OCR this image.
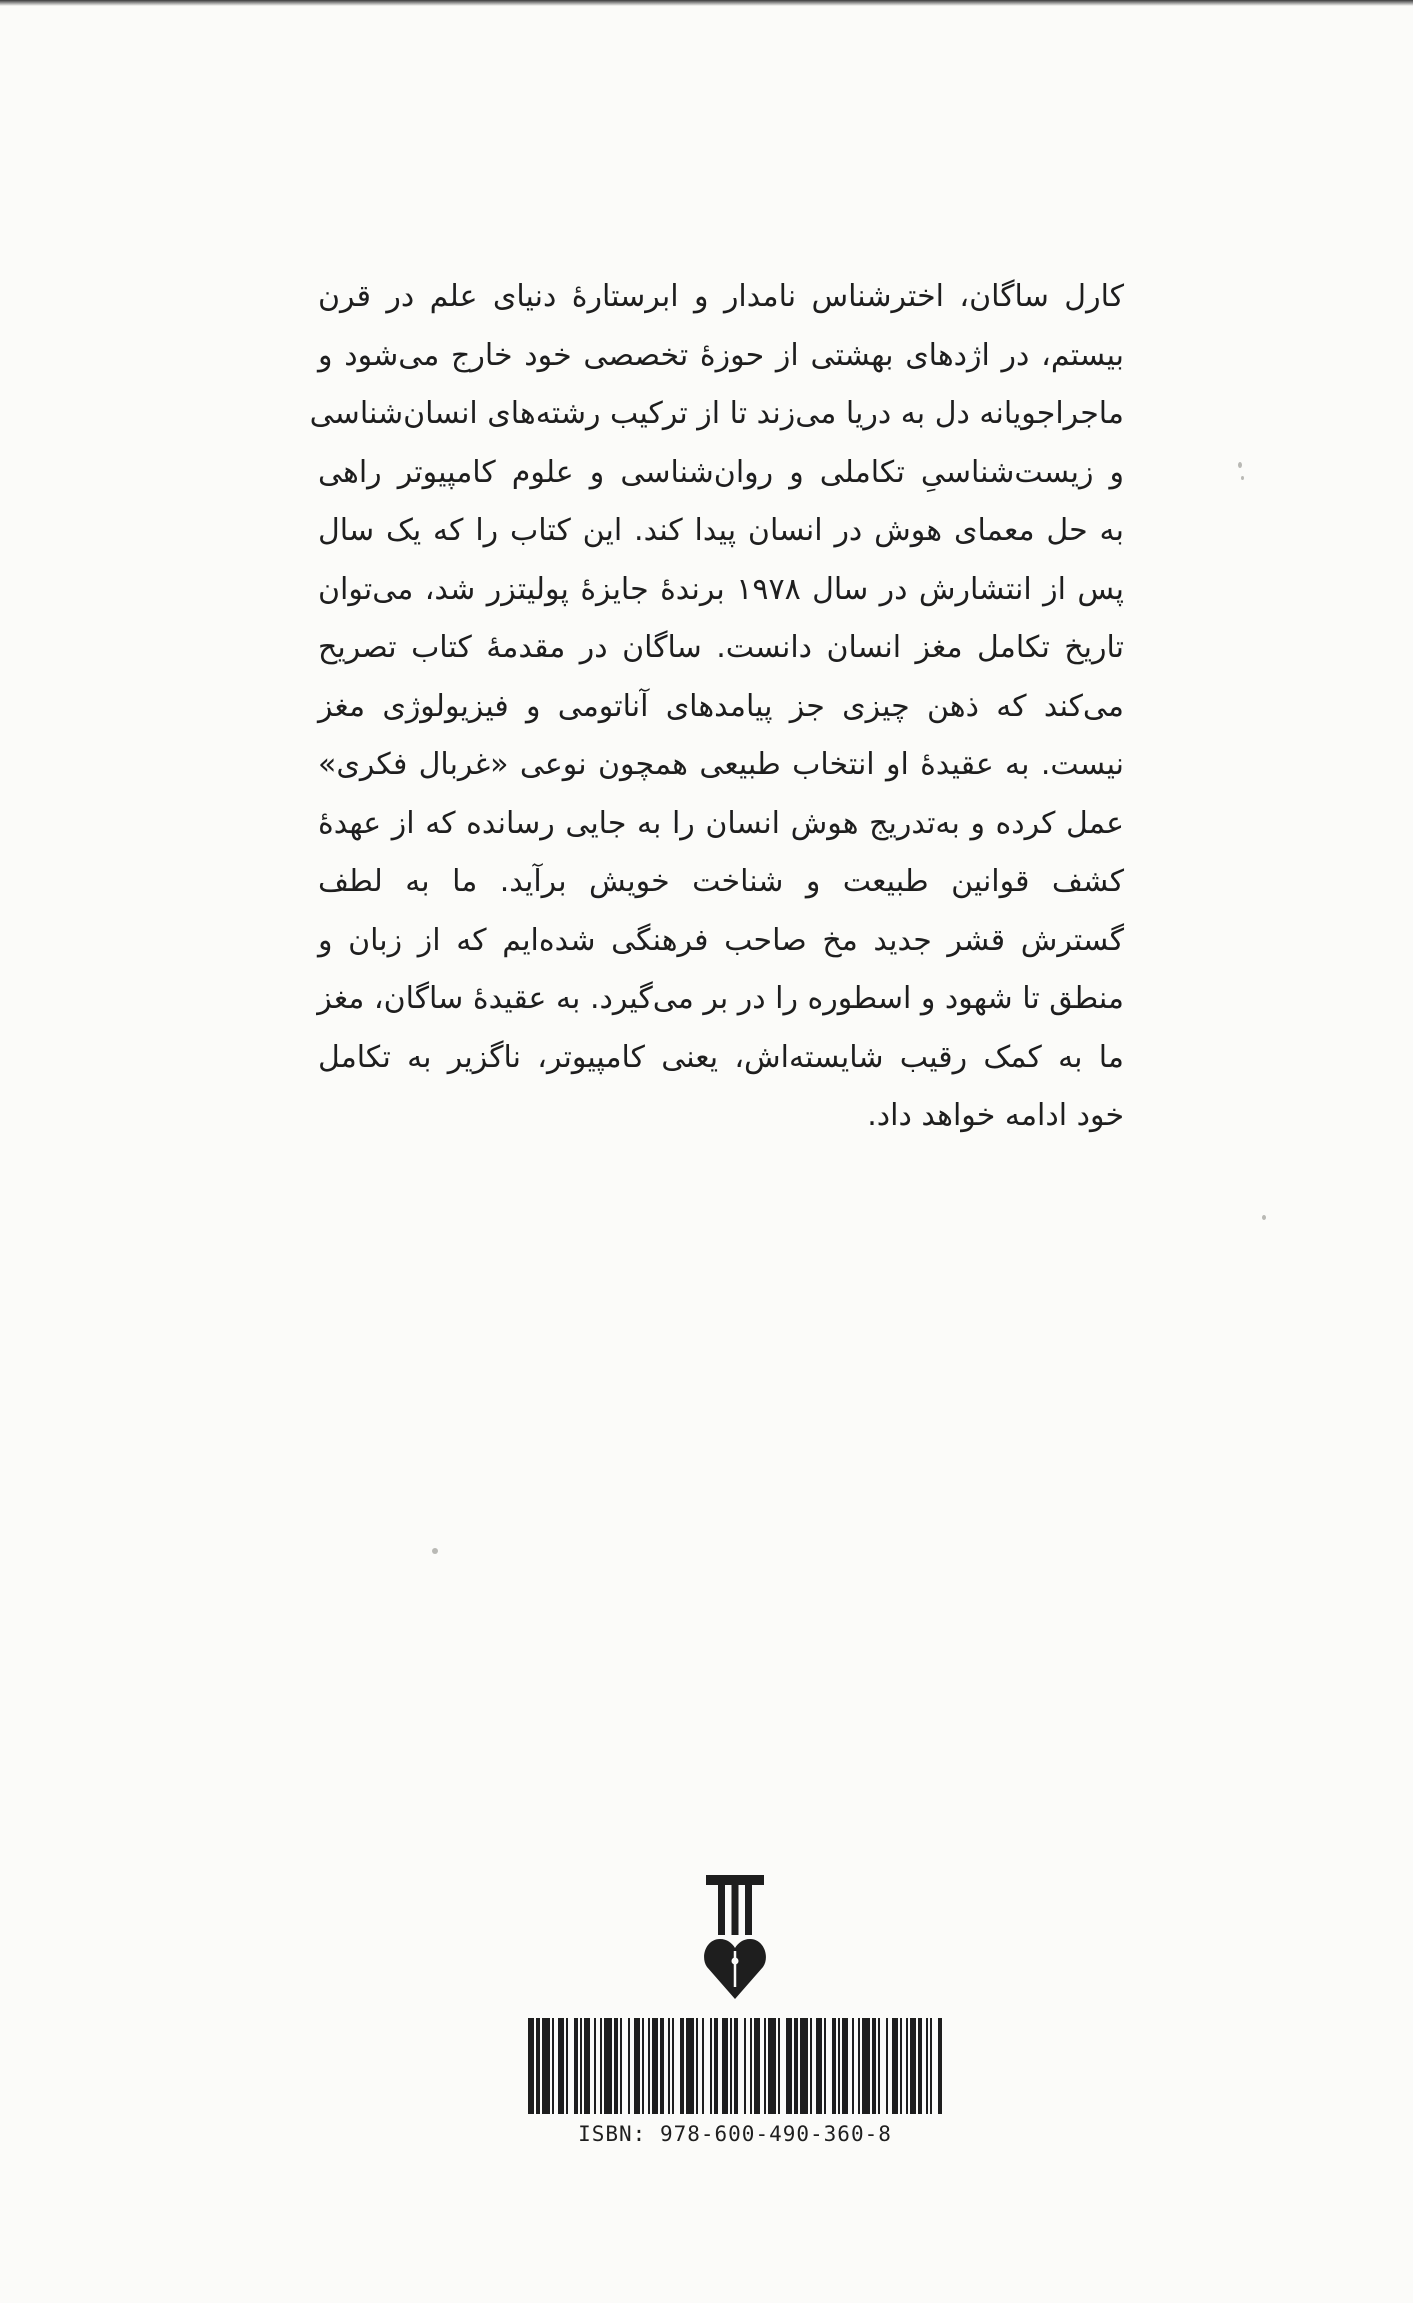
کارل ساگان، اخترشناس نامدار و ابرستارهٔ دنیای علم در قرن
بیستم، در اژدهای بهشتی از حوزهٔ تخصصی خود خارج می‌شود و
ماجراجویانه دل به دریا می‌زند تا از ترکیب رشته‌های انسان‌شناسی
و زیست‌شناسیِ تکاملی و روان‌شناسی و علوم کامپیوتر راهی
به حل معمای هوش در انسان پیدا کند. این کتاب را که یک سال
پس از انتشارش در سال ۱۹۷۸ برندهٔ جایزهٔ پولیتزر شد، می‌توان
تاریخ تکامل مغز انسان دانست. ساگان در مقدمهٔ کتاب تصریح
می‌کند که ذهن چیزی جز پیامدهای آناتومی و فیزیولوژی مغز
نیست. به عقیدهٔ او انتخاب طبیعی همچون نوعی «غربال فکری»
عمل کرده و به‌تدریج هوش انسان را به جایی رسانده که از عهدهٔ
کشف قوانین طبیعت و شناخت خویش برآید. ما به لطف
گسترش قشر جدید مخ صاحب فرهنگی شده‌ایم که از زبان و
منطق تا شهود و اسطوره را در بر می‌گیرد. به عقیدهٔ ساگان، مغز
ما به کمک رقیب شایسته‌اش، یعنی کامپیوتر، ناگزیر به تکامل
خود ادامه خواهد داد.
ISBN: 978-600-490-360-8
